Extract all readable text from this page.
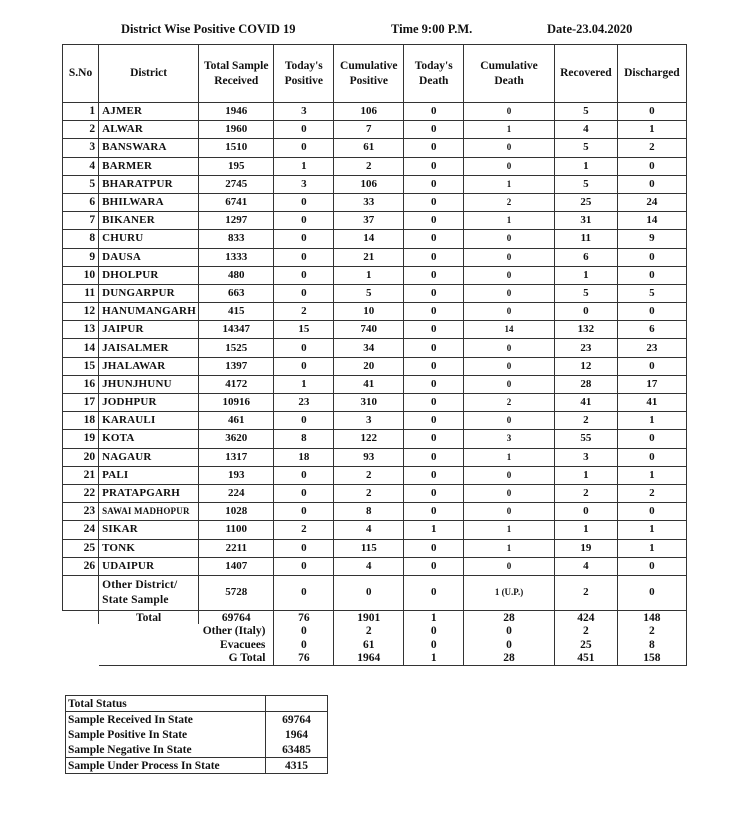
District Wise Positive COVID 19	Time 9:00 P.M.	Date-23.04.2020
S.No	District	Total Sample Received	Today's Positive	Cumulative Positive	Today's Death	Cumulative Death	Recovered	Discharged
1	AJMER	1946	3	106	0	0	5	0
2	ALWAR	1960	0	7	0	1	4	1
3	BANSWARA	1510	0	61	0	0	5	2
4	BARMER	195	1	2	0	0	1	0
5	BHARATPUR	2745	3	106	0	1	5	0
6	BHILWARA	6741	0	33	0	2	25	24
7	BIKANER	1297	0	37	0	1	31	14
8	CHURU	833	0	14	0	0	11	9
9	DAUSA	1333	0	21	0	0	6	0
10	DHOLPUR	480	0	1	0	0	1	0
11	DUNGARPUR	663	0	5	0	0	5	5
12	HANUMANGARH	415	2	10	0	0	0	0
13	JAIPUR	14347	15	740	0	14	132	6
14	JAISALMER	1525	0	34	0	0	23	23
15	JHALAWAR	1397	0	20	0	0	12	0
16	JHUNJHUNU	4172	1	41	0	0	28	17
17	JODHPUR	10916	23	310	0	2	41	41
18	KARAULI	461	0	3	0	0	2	1
19	KOTA	3620	8	122	0	3	55	0
20	NAGAUR	1317	18	93	0	1	3	0
21	PALI	193	0	2	0	0	1	1
22	PRATAPGARH	224	0	2	0	0	2	2
23	SAWAI MADHOPUR	1028	0	8	0	0	0	0
24	SIKAR	1100	2	4	1	1	1	1
25	TONK	2211	0	115	0	1	19	1
26	UDAIPUR	1407	0	4	0	0	4	0
	Other District/ State Sample	5728	0	0	0	1 (U.P.)	2	0
	Total	69764	76	1901	1	28	424	148
	Other (Italy)		0	2	0	0	2	2
	Evacuees		0	61	0	0	25	8
	G Total		76	1964	1	28	451	158
Total Status	
Sample Received In State	69764
Sample Positive In State	1964
Sample Negative In State	63485
Sample Under Process In State	4315
